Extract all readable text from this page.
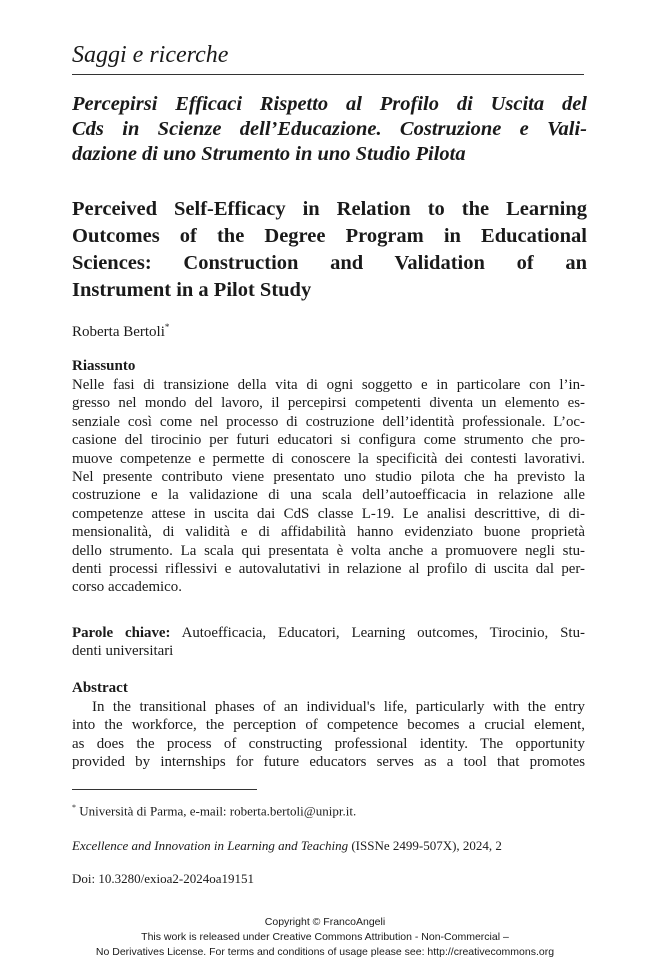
Saggi e ricerche
Percepirsi Efficaci Rispetto al Profilo di Uscita del
Cds in Scienze dell’Educazione. Costruzione e Vali-
dazione di uno Strumento in uno Studio Pilota
Perceived Self-Efficacy in Relation to the Learning
Outcomes of the Degree Program in Educational
Sciences: Construction and Validation of an
Instrument in a Pilot Study
Roberta Bertoli*
Riassunto
Nelle fasi di transizione della vita di ogni soggetto e in particolare con l’in-
gresso nel mondo del lavoro, il percepirsi competenti diventa un elemento es-
senziale così come nel processo di costruzione dell’identità professionale. L’oc-
casione del tirocinio per futuri educatori si configura come strumento che pro-
muove competenze e permette di conoscere la specificità dei contesti lavorativi.
Nel presente contributo viene presentato uno studio pilota che ha previsto la
costruzione e la validazione di una scala dell’autoefficacia in relazione alle
competenze attese in uscita dai CdS classe L-19. Le analisi descrittive, di di-
mensionalità, di validità e di affidabilità hanno evidenziato buone proprietà
dello strumento. La scala qui presentata è volta anche a promuovere negli stu-
denti processi riflessivi e autovalutativi in relazione al profilo di uscita dal per-
corso accademico.
Parole chiave: Autoefficacia, Educatori, Learning outcomes, Tirocinio, Stu-
denti universitari
Abstract
In the transitional phases of an individual's life, particularly with the entry
into the workforce, the perception of competence becomes a crucial element,
as does the process of constructing professional identity. The opportunity
provided by internships for future educators serves as a tool that promotes
* Università di Parma, e-mail: roberta.bertoli@unipr.it.
Excellence and Innovation in Learning and Teaching (ISSNe 2499-507X), 2024, 2
Doi: 10.3280/exioa2-2024oa19151
Copyright © FrancoAngeli
This work is released under Creative Commons Attribution - Non-Commercial –
No Derivatives License. For terms and conditions of usage please see: http://creativecommons.org
